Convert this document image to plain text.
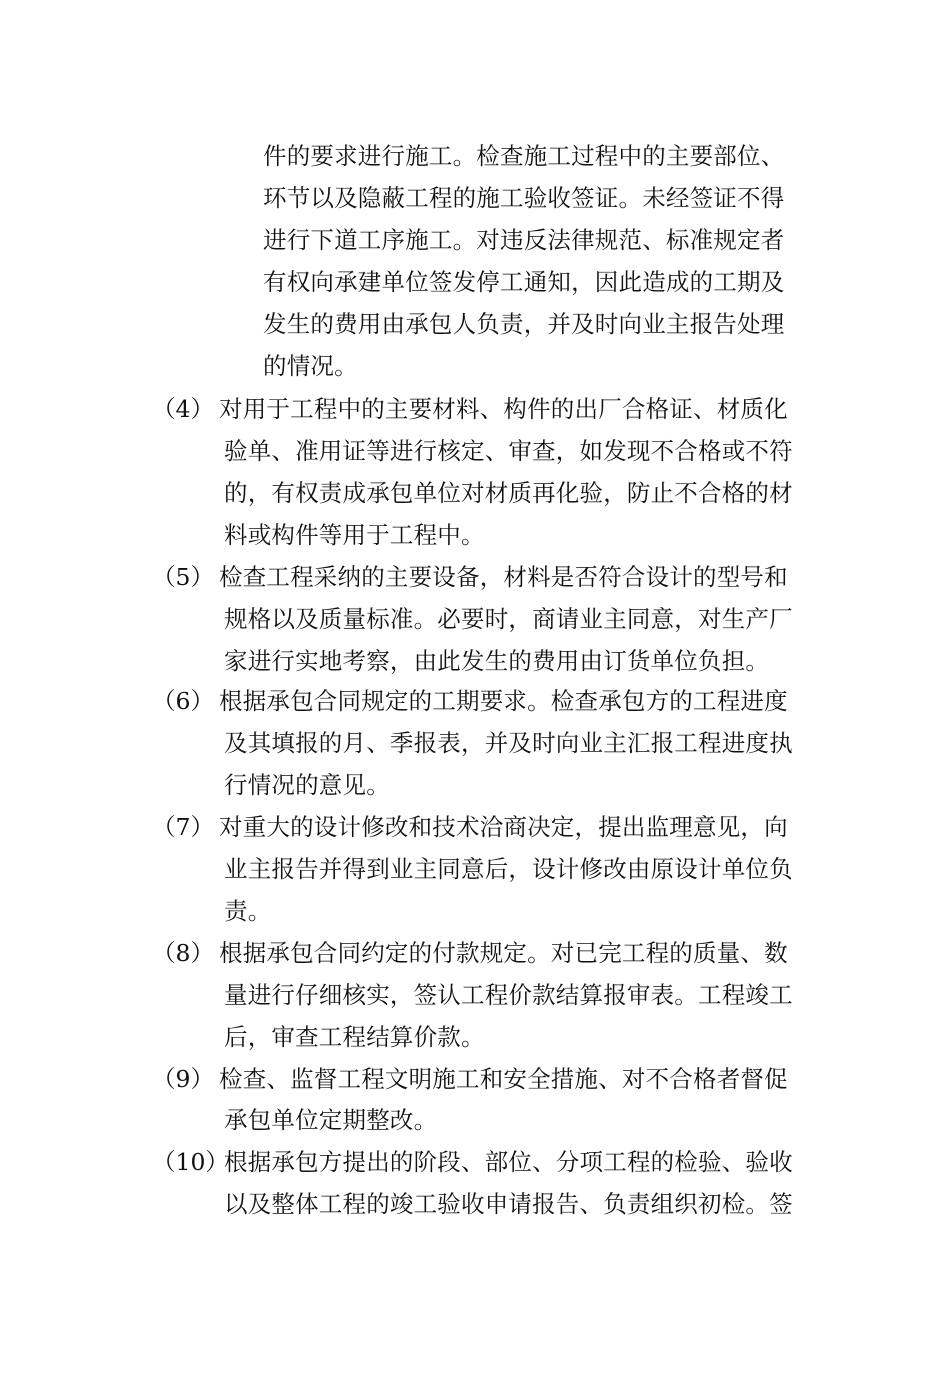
件的要求进行施工。检查施工过程中的主要部位、
环节以及隐蔽工程的施工验收签证。未经签证不得
进行下道工序施工。对违反法律规范、标准规定者
有权向承建单位签发停工通知，因此造成的工期及
发生的费用由承包人负责，并及时向业主报告处理
的情况。
（4） 对用于工程中的主要材料、构件的出厂合格证、材质化
验单、准用证等进行核定、审查，如发现不合格或不符
的，有权责成承包单位对材质再化验，防止不合格的材
料或构件等用于工程中。
（5） 检查工程采纳的主要设备，材料是否符合设计的型号和
规格以及质量标准。必要时，商请业主同意，对生产厂
家进行实地考察，由此发生的费用由订货单位负担。
（6） 根据承包合同规定的工期要求。检查承包方的工程进度
及其填报的月、季报表，并及时向业主汇报工程进度执
行情况的意见。
（7） 对重大的设计修改和技术洽商决定，提出监理意见，向
业主报告并得到业主同意后，设计修改由原设计单位负
责。
（8） 根据承包合同约定的付款规定。对已完工程的质量、数
量进行仔细核实，签认工程价款结算报审表。工程竣工
后，审查工程结算价款。
（9） 检查、监督工程文明施工和安全措施、对不合格者督促
承包单位定期整改。
（10）
根据承包方提出的阶段、部位、分项工程的检验、验收
以及整体工程的竣工验收申请报告、负责组织初检。签
